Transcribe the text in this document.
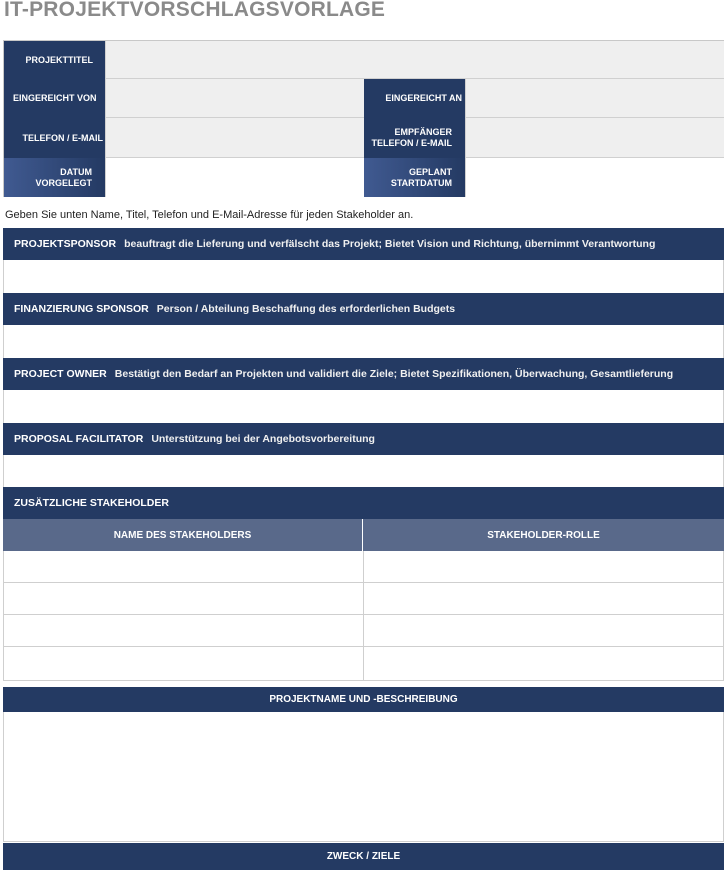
IT-PROJEKTVORSCHLAGSVORLAGE
PROJEKTTITEL
EINGEREICHT VON	EINGEREICHT AN
TELEFON / E-MAIL
EMPFÄNGER
TELEFON / E-MAIL
DATUM
VORGELEGT
GEPLANT
STARTDATUM
Geben Sie unten Name, Titel, Telefon und E-Mail-Adresse für jeden Stakeholder an.
PROJEKTSPONSOR beauftragt die Lieferung und verfälscht das Projekt; Bietet Vision und Richtung, übernimmt Verantwortung
FINANZIERUNG SPONSOR Person / Abteilung Beschaffung des erforderlichen Budgets
PROJECT OWNER Bestätigt den Bedarf an Projekten und validiert die Ziele; Bietet Spezifikationen, Überwachung, Gesamtlieferung
PROPOSAL FACILITATOR Unterstützung bei der Angebotsvorbereitung
ZUSÄTZLICHE STAKEHOLDER
NAME DES STAKEHOLDERS	STAKEHOLDER-ROLLE
PROJEKTNAME UND -BESCHREIBUNG
ZWECK / ZIELE
